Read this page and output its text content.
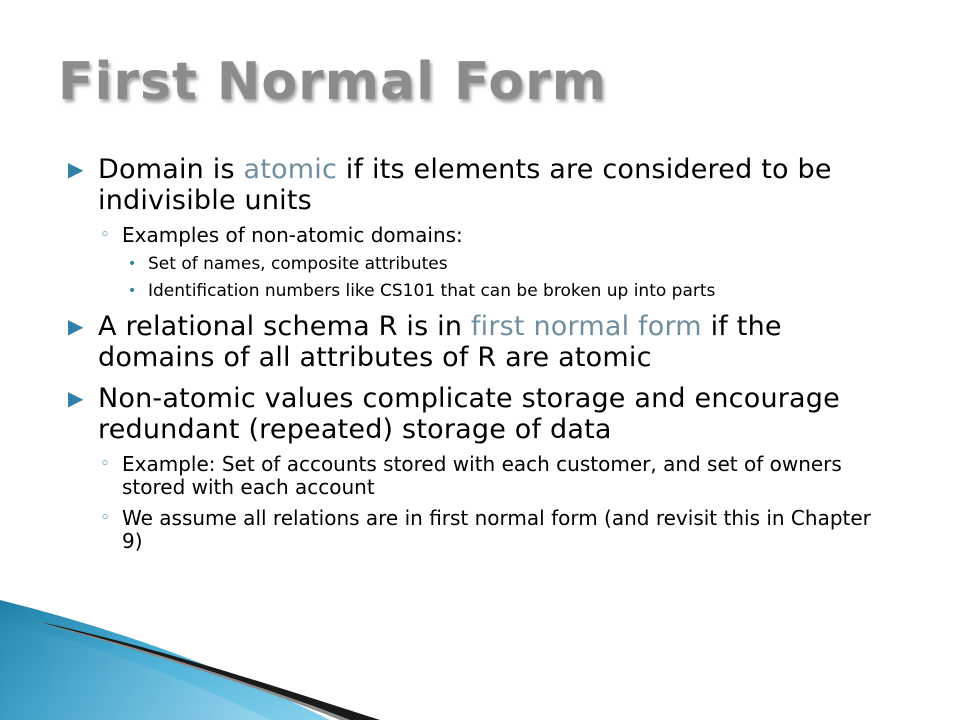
First Normal Form
▶ Domain is atomic if its elements are considered to be indivisible units
◦ Examples of non-atomic domains:
• Set of names, composite attributes
• Identification numbers like CS101 that can be broken up into parts
▶ A relational schema R is in first normal form if the domains of all attributes of R are atomic
▶ Non-atomic values complicate storage and encourage redundant (repeated) storage of data
◦ Example: Set of accounts stored with each customer, and set of owners stored with each account
◦ We assume all relations are in first normal form (and revisit this in Chapter 9)
